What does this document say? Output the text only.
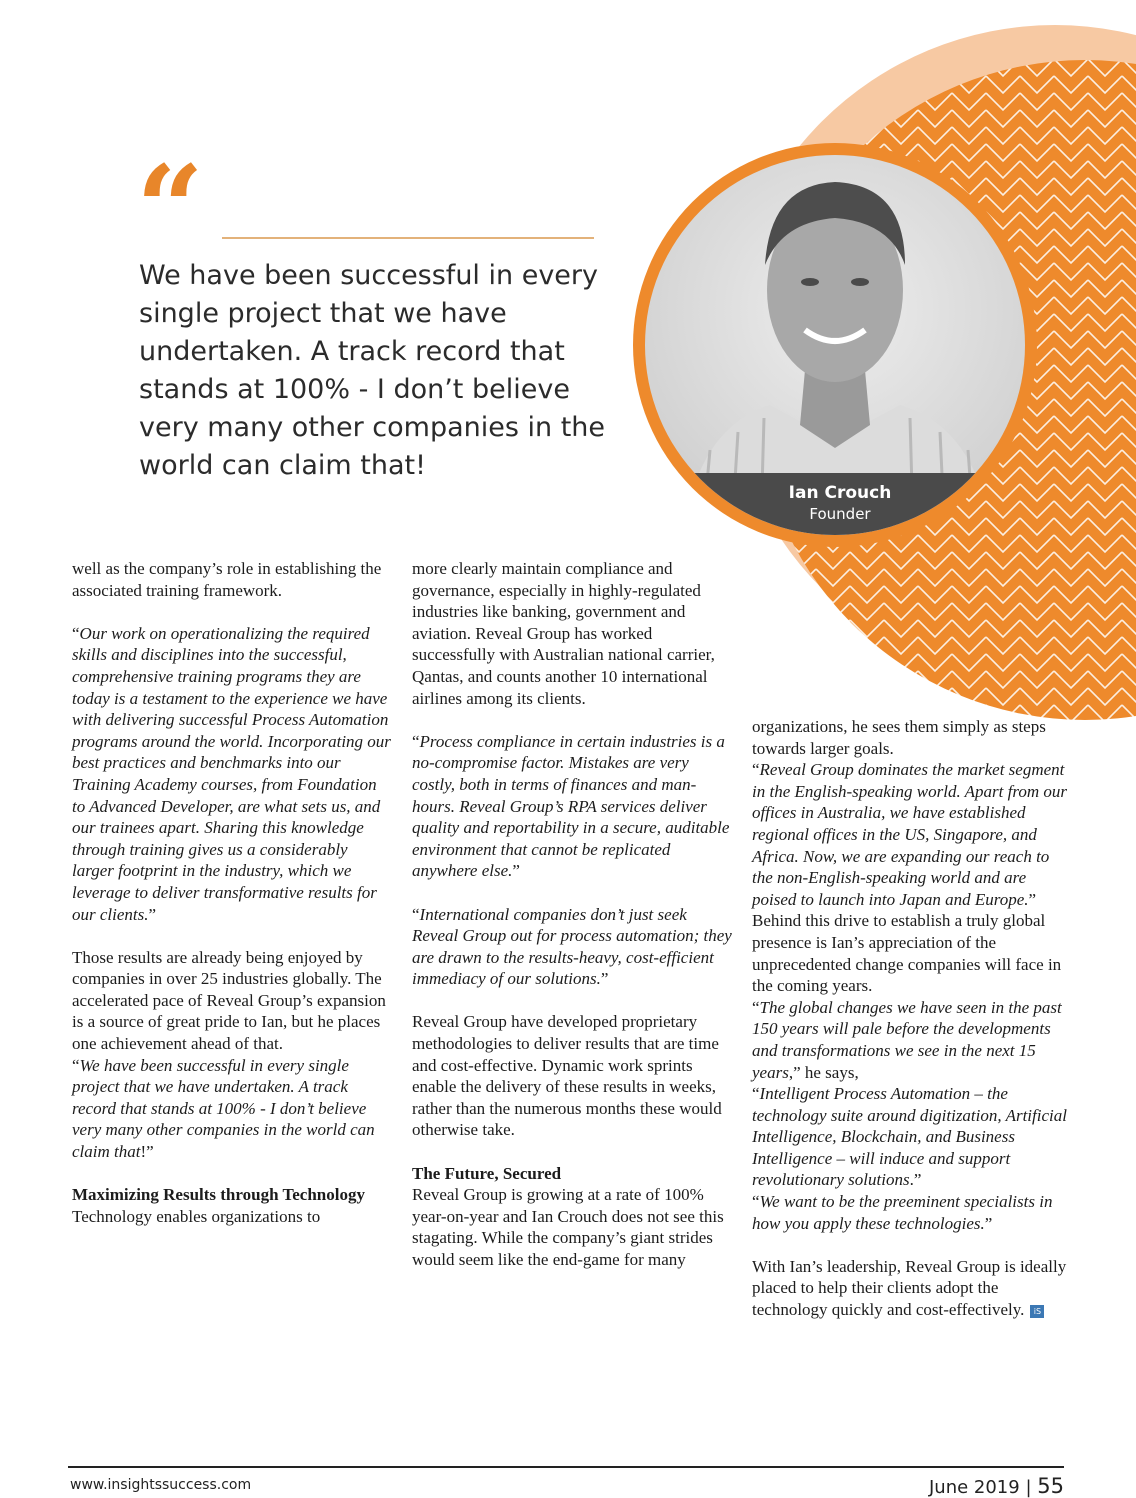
“

We have been successful in every single project that we have undertaken. A track record that stands at 100% - I don’t believe very many other companies in the world can claim that!

Ian Crouch
Founder

well as the company’s role in establishing the associated training framework.

“Our work on operationalizing the required skills and disciplines into the successful, comprehensive training programs they are today is a testament to the experience we have with delivering successful Process Automation programs around the world. Incorporating our best practices and benchmarks into our Training Academy courses, from Foundation to Advanced Developer, are what sets us, and our trainees apart. Sharing this knowledge through training gives us a considerably larger footprint in the industry, which we leverage to deliver transformative results for our clients.”

Those results are already being enjoyed by companies in over 25 industries globally. The accelerated pace of Reveal Group’s expansion is a source of great pride to Ian, but he places one achievement ahead of that.

“We have been successful in every single project that we have undertaken. A track record that stands at 100% - I don’t believe very many other companies in the world can claim that!”

Maximizing Results through Technology

Technology enables organizations to

more clearly maintain compliance and governance, especially in highly-regulated industries like banking, government and aviation. Reveal Group has worked successfully with Australian national carrier, Qantas, and counts another 10 international airlines among its clients.

“Process compliance in certain industries is a no-compromise factor. Mistakes are very costly, both in terms of finances and man-hours. Reveal Group’s RPA services deliver quality and reportability in a secure, auditable environment that cannot be replicated anywhere else.”

“International companies don’t just seek Reveal Group out for process automation; they are drawn to the results-heavy, cost-efficient immediacy of our solutions.”

Reveal Group have developed proprietary methodologies to deliver results that are time and cost-effective. Dynamic work sprints enable the delivery of these results in weeks, rather than the numerous months these would otherwise take.

The Future, Secured

Reveal Group is growing at a rate of 100% year-on-year and Ian Crouch does not see this stagating. While the company’s giant strides would seem like the end-game for many

organizations, he sees them simply as steps towards larger goals.

“Reveal Group dominates the market segment in the English-speaking world. Apart from our offices in Australia, we have established regional offices in the US, Singapore, and Africa. Now, we are expanding our reach to the non-English-speaking world and are poised to launch into Japan and Europe.”

Behind this drive to establish a truly global presence is Ian’s appreciation of the unprecedented change companies will face in the coming years.

“The global changes we have seen in the past 150 years will pale before the developments and transformations we see in the next 15 years,” he says,

“Intelligent Process Automation – the technology suite around digitization, Artificial Intelligence, Blockchain, and Business Intelligence – will induce and support revolutionary solutions.”

“We want to be the preeminent specialists in how you apply these technologies.”

With Ian’s leadership, Reveal Group is ideally placed to help their clients adopt the technology quickly and cost-effectively. iS

www.insightssuccess.com	June 2019 | 55
